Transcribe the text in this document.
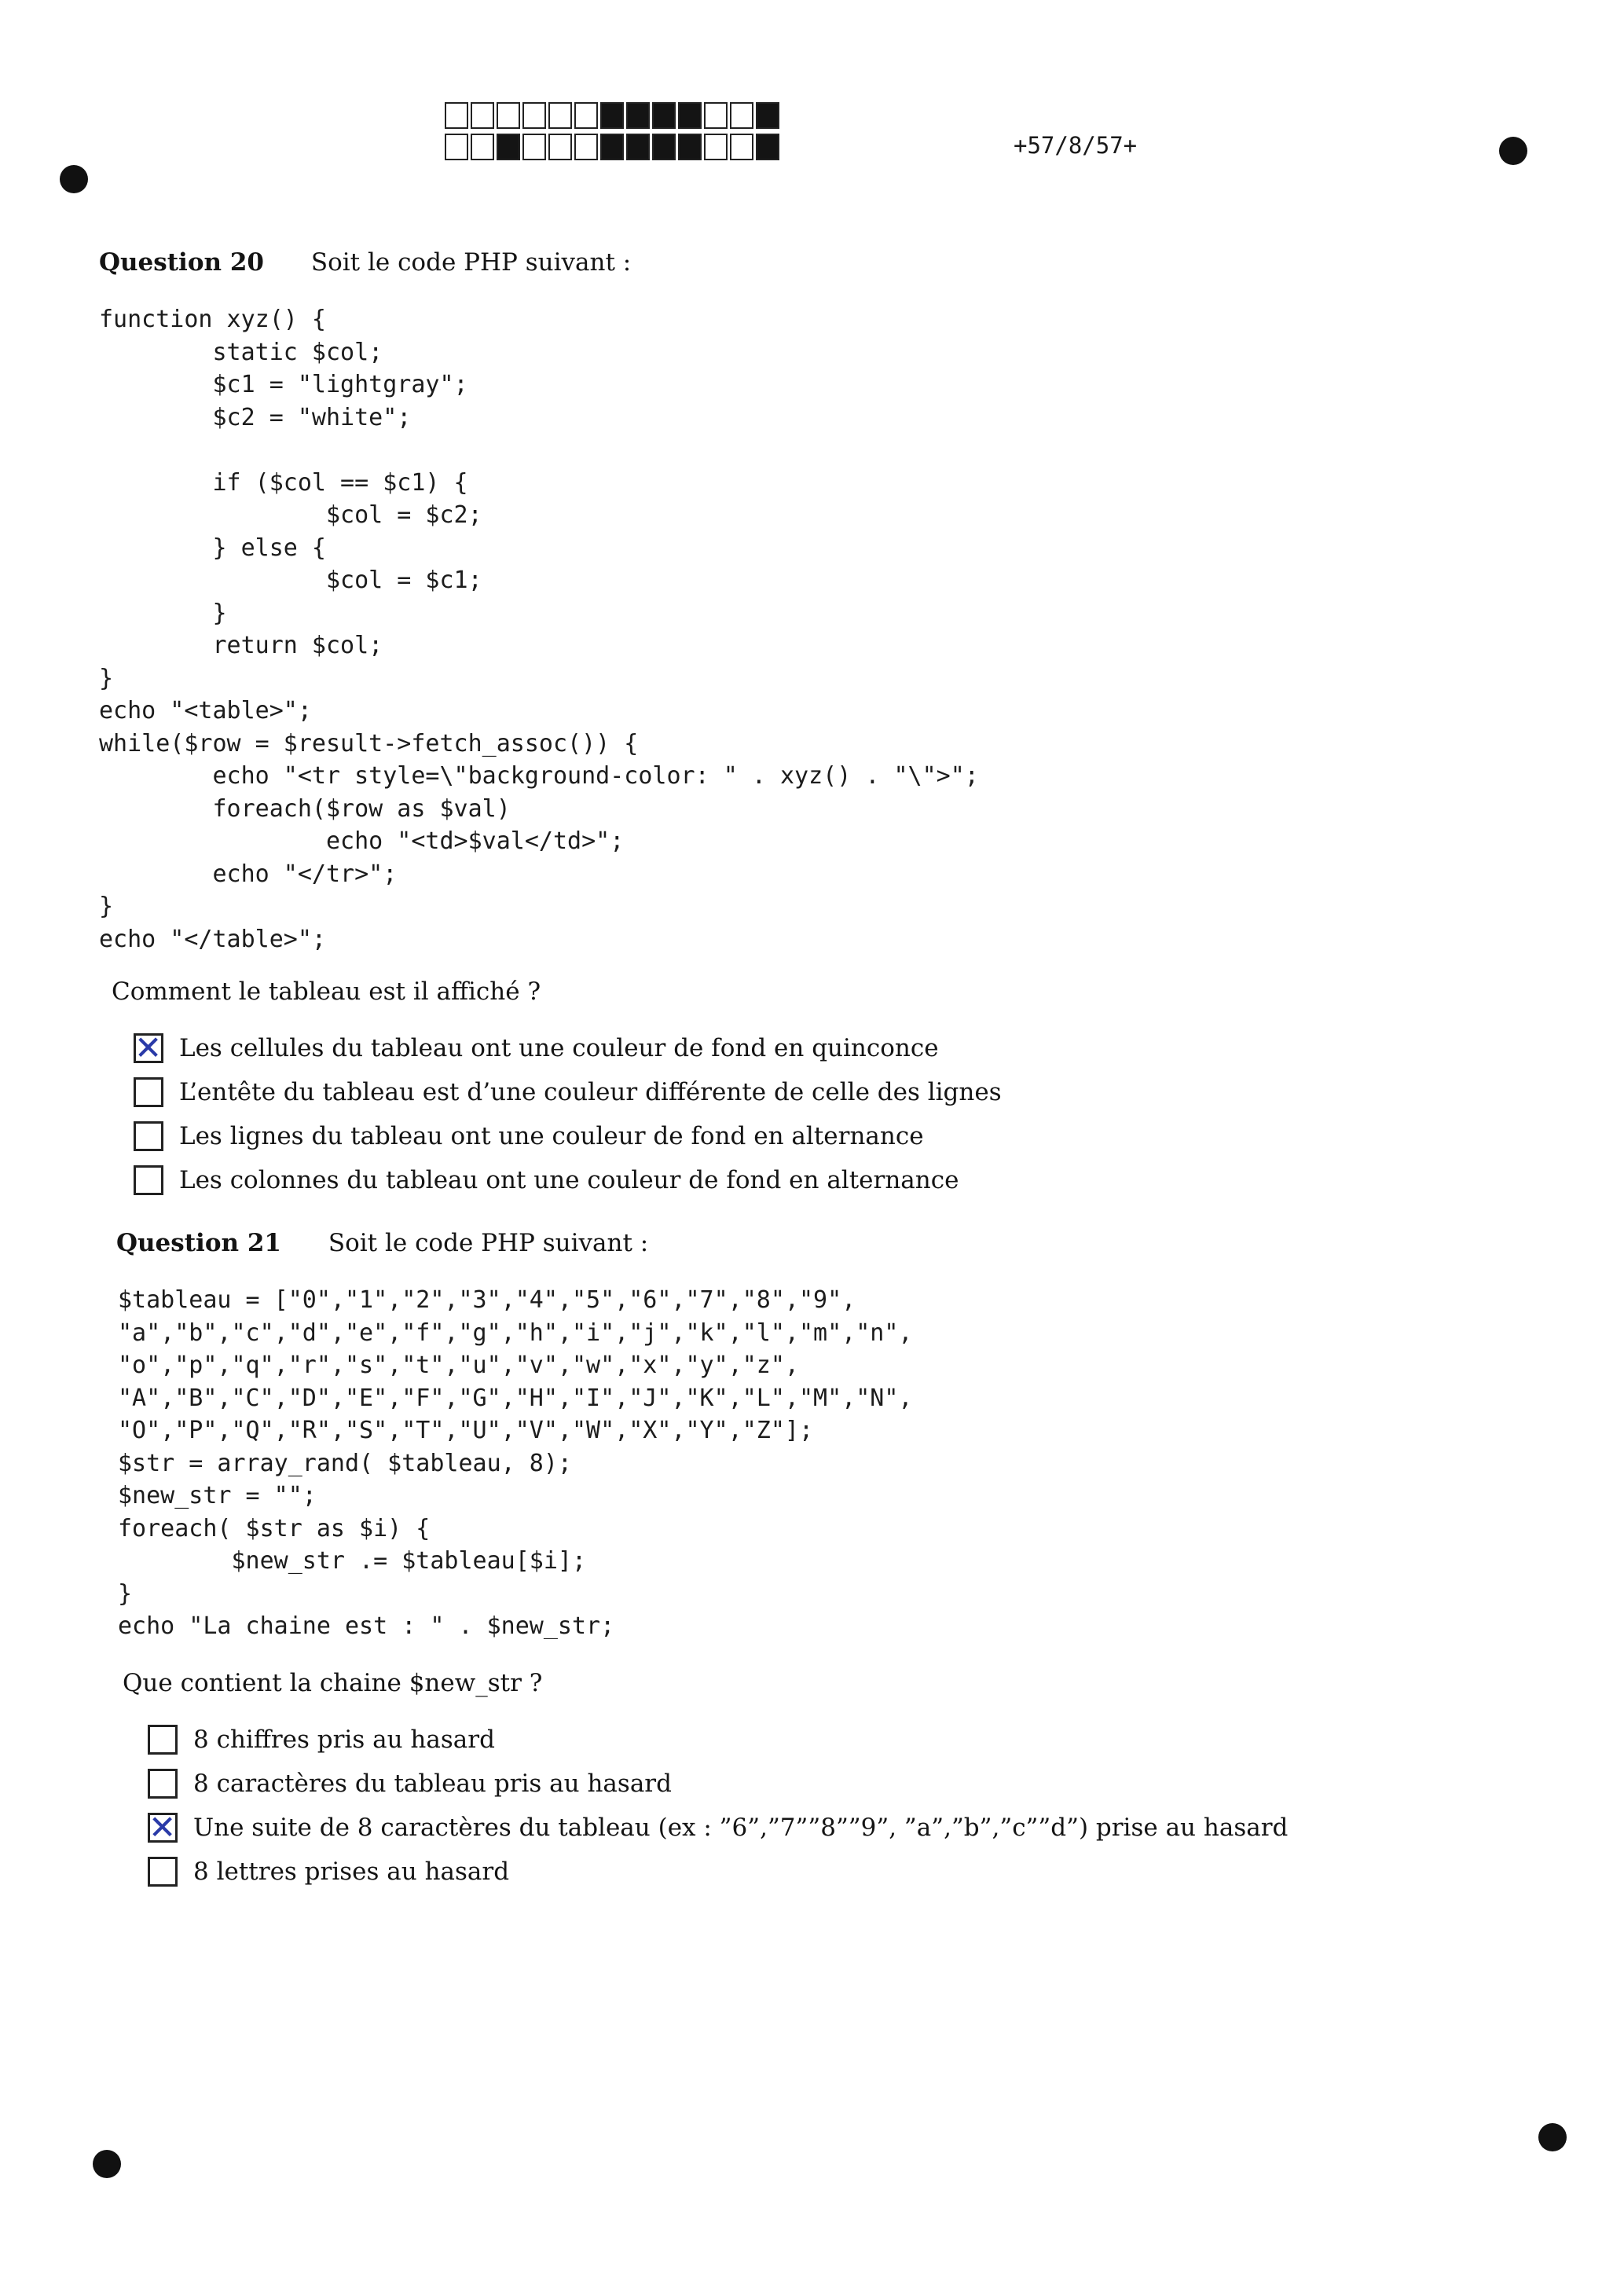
+57/8/57+
Question 20 Soit le code PHP suivant :
function xyz() {
static $col;
$c1 = "lightgray";
$c2 = "white";

if ($col == $c1) {
$col = $c2;
} else {
$col = $c1;
}
return $col;
}
echo "<table>";
while($row = $result->fetch_assoc()) {
echo "<tr style=\"background-color: " . xyz() . "\">";
foreach($row as $val)
echo "<td>$val</td>";
echo "</tr>";
}
echo "</table>";
Comment le tableau est il affiché ?
✕
Les cellules du tableau ont une couleur de fond en quinconce
L’entête du tableau est d’une couleur différente de celle des lignes
Les lignes du tableau ont une couleur de fond en alternance
Les colonnes du tableau ont une couleur de fond en alternance
Question 21 Soit le code PHP suivant :
$tableau = ["0","1","2","3","4","5","6","7","8","9",
"a","b","c","d","e","f","g","h","i","j","k","l","m","n",
"o","p","q","r","s","t","u","v","w","x","y","z",
"A","B","C","D","E","F","G","H","I","J","K","L","M","N",
"O","P","Q","R","S","T","U","V","W","X","Y","Z"];
$str = array_rand( $tableau, 8);
$new_str = "";
foreach( $str as $i) {
$new_str .= $tableau[$i];
}
echo "La chaine est : " . $new_str;
Que contient la chaine $new_str ?
8 chiffres pris au hasard
8 caractères du tableau pris au hasard
✕
Une suite de 8 caractères du tableau (ex : ”6”,”7””8””9”, ”a”,”b”,”c””d”) prise au hasard
8 lettres prises au hasard
